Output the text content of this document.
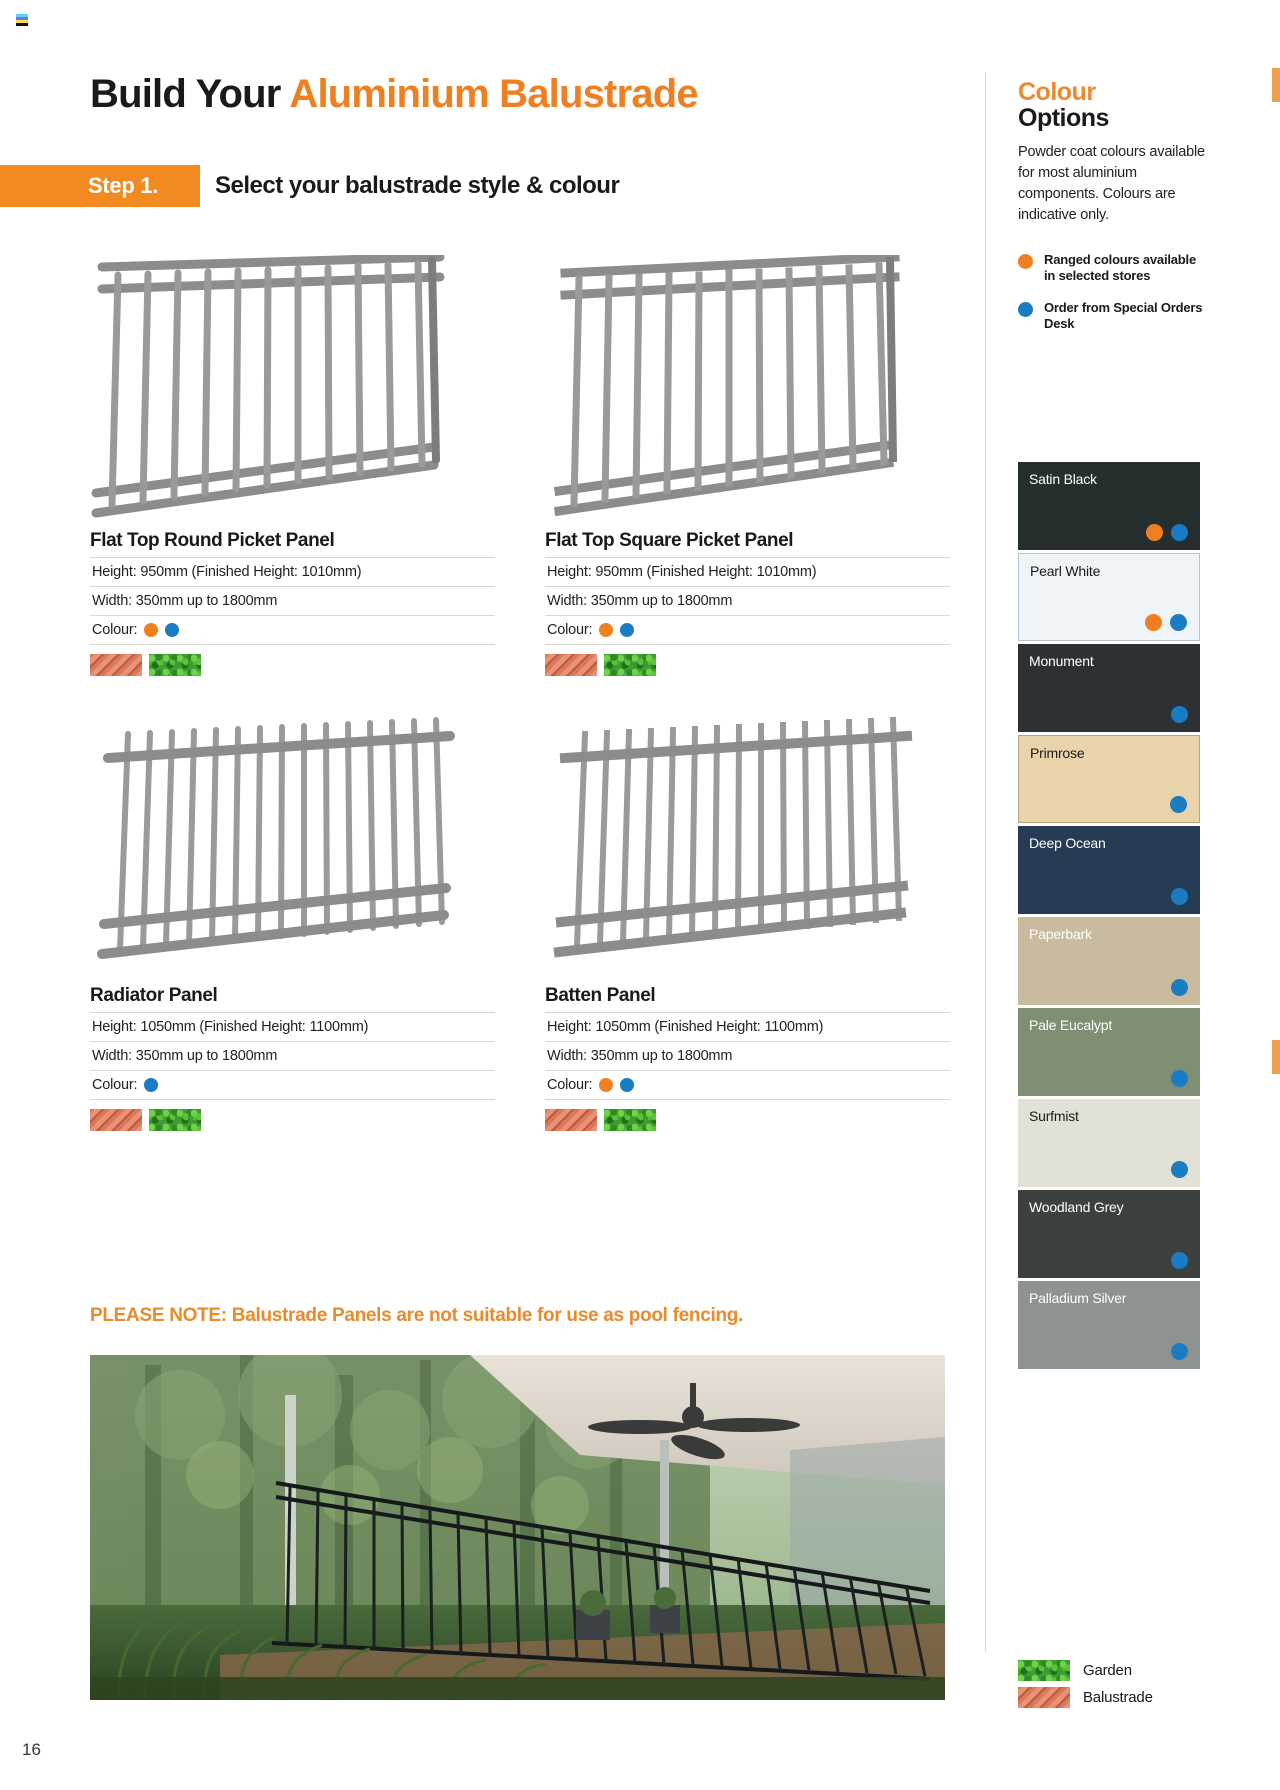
Build Your Aluminium Balustrade
Step 1.	Select your balustrade style & colour
Flat Top Round Picket Panel
Height: 950mm (Finished Height: 1010mm)
Width: 350mm up to 1800mm
Colour:
Flat Top Square Picket Panel
Height: 950mm (Finished Height: 1010mm)
Width: 350mm up to 1800mm
Colour:
Radiator Panel
Height: 1050mm (Finished Height: 1100mm)
Width: 350mm up to 1800mm
Colour:
Batten Panel
Height: 1050mm (Finished Height: 1100mm)
Width: 350mm up to 1800mm
Colour:
PLEASE NOTE: Balustrade Panels are not suitable for use as pool fencing.
Colour
Options
Powder coat colours available for most aluminium components. Colours are indicative only.
Ranged colours available in selected stores
Order from Special Orders Desk
Satin Black
Pearl White
Monument
Primrose
Deep Ocean
Paperbark
Pale Eucalypt
Surfmist
Woodland Grey
Palladium Silver
Garden
Balustrade
16
